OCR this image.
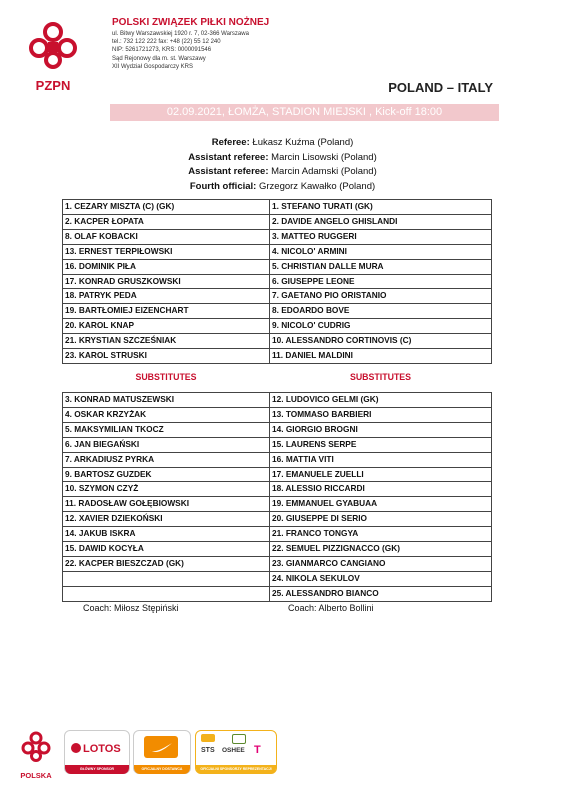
PZPN
POLSKI ZWIĄZEK PIŁKI NOŻNEJ
ul. Bitwy Warszawskiej 1920 r. 7, 02-366 Warszawa
tel.: 732 122 222 fax: +48 (22) 55 12 240
NIP: 5261721273, KRS: 0000091546
Sąd Rejonowy dla m. st. Warszawy
XII Wydział Gospodarczy KRS
POLAND – ITALY
02.09.2021, ŁOMŻA, STADION MIEJSKI , Kick-off 18:00
Referee: Łukasz Kuźma (Poland)
Assistant referee: Marcin Lisowski (Poland)
Assistant referee: Marcin Adamski (Poland)
Fourth official: Grzegorz Kawałko (Poland)
1. CEZARY MISZTA (C) (GK)	1. STEFANO TURATI (GK)
2. KACPER ŁOPATA	2. DAVIDE ANGELO GHISLANDI
8. OLAF KOBACKI	3. MATTEO RUGGERI
13. ERNEST TERPIŁOWSKI	4. NICOLO' ARMINI
16. DOMINIK PIŁA	5. CHRISTIAN DALLE MURA
17. KONRAD GRUSZKOWSKI	6. GIUSEPPE LEONE
18. PATRYK PEDA	7. GAETANO PIO ORISTANIO
19. BARTŁOMIEJ EIZENCHART	8. EDOARDO BOVE
20. KAROL KNAP	9. NICOLO' CUDRIG
21. KRYSTIAN SZCZEŚNIAK	10. ALESSANDRO CORTINOVIS (C)
23. KAROL STRUSKI	11. DANIEL MALDINI
SUBSTITUTES	SUBSTITUTES
3. KONRAD MATUSZEWSKI	12. LUDOVICO GELMI (GK)
4. OSKAR KRZYŻAK	13. TOMMASO BARBIERI
5. MAKSYMILIAN TKOCZ	14. GIORGIO BROGNI
6. JAN BIEGAŃSKI	15. LAURENS SERPE
7. ARKADIUSZ PYRKA	16. MATTIA VITI
9. BARTOSZ GUZDEK	17. EMANUELE ZUELLI
10. SZYMON CZYŻ	18. ALESSIO RICCARDI
11. RADOSŁAW GOŁĘBIOWSKI	19. EMMANUEL GYABUAA
12. XAVIER DZIEKOŃSKI	20. GIUSEPPE DI SERIO
14. JAKUB ISKRA	21. FRANCO TONGYA
15. DAWID KOCYŁA	22. SEMUEL PIZZIGNACCO (GK)
22. KACPER BIESZCZAD (GK)	23. GIANMARCO CANGIANO
	24. NIKOLA SEKULOV
	25. ALESSANDRO BIANCO
Coach: Miłosz Stępiński	Coach: Alberto Bollini
POLSKA
LOTOS
GŁÓWNY SPONSOR REPREZENTACJI
OFICJALNY DOSTAWCA SPRZĘTU SPORTOWEGO
STS OSHEE T
OFICJALNI SPONSORZY REPREZENTACJI
